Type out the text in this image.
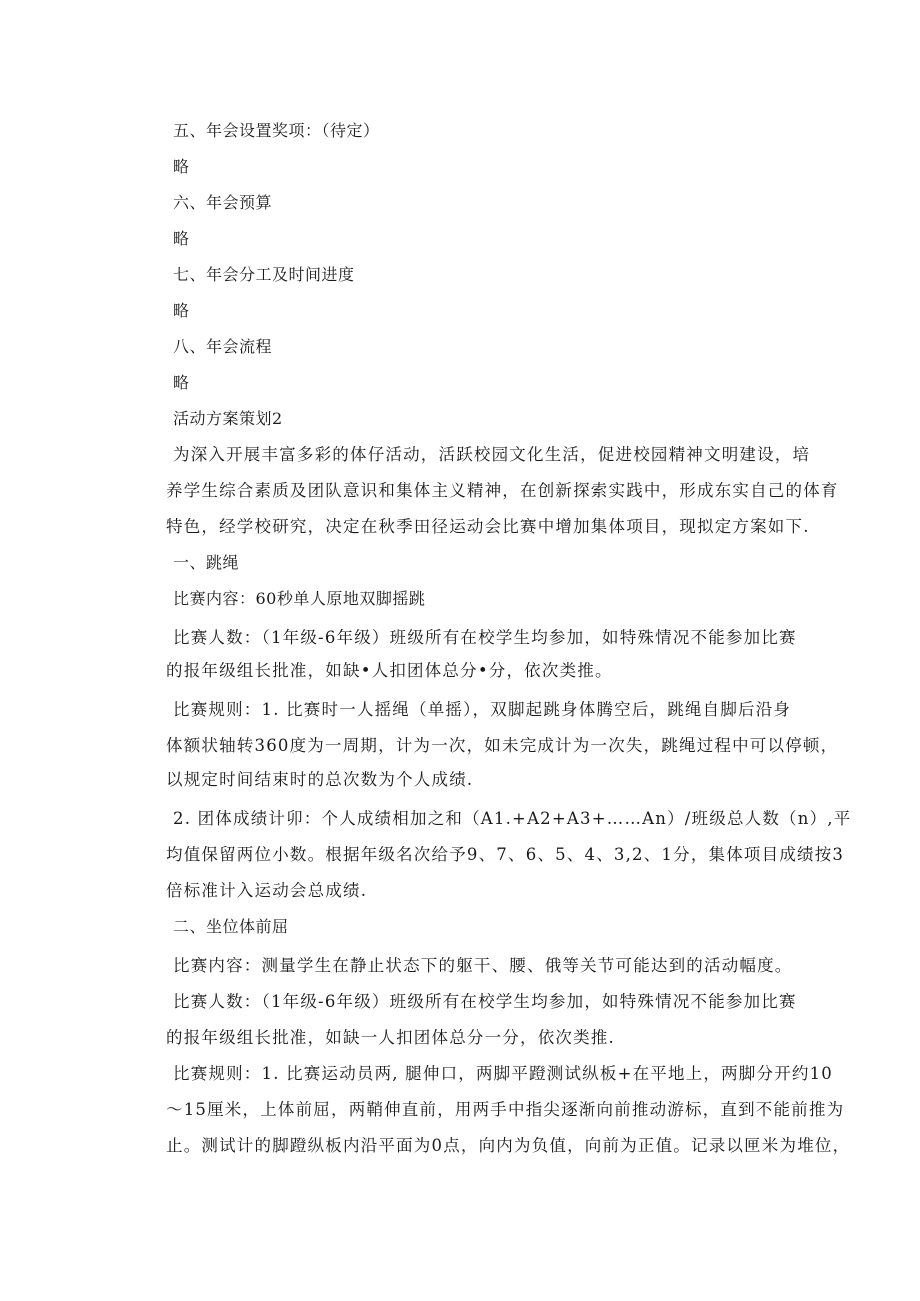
五、年会设置奖项：（待定）
略
六、年会预算
略
七、年会分工及时间进度
略
八、年会流程
略
活动方案策划2
为深入开展丰富多彩的体仔活动，活跃校园文化生活，促进校园精神文明建设，培
养学生综合素质及团队意识和集体主义精神，在创新探索实践中，形成东实自己的体育
特色，经学校研究，决定在秋季田径运动会比赛中增加集体项目，现拟定方案如下.
一、跳绳
比赛内容：60秒单人原地双脚摇跳
比赛人数：（1年级-6年级）班级所有在校学生均参加，如特殊情况不能参加比赛
的报年级组长批准，如缺•人扣团体总分•分，依次类推。
比赛规则：1. 比赛时一人摇绳（单摇），双脚起跳身体腾空后，跳绳自脚后沿身
体额状轴转360度为一周期，计为一次，如未完成计为一次失，跳绳过程中可以停顿，
以规定时间结束时的总次数为个人成绩.
2. 团体成绩计卯：个人成绩相加之和（A1.+A2+A3+……An）/班级总人数（n）,平
均值保留两位小数。根据年级名次给予9、7、6、5、4、3,2、1分，集体项目成绩按3
倍标准计入运动会总成绩.
二、坐位体前屈
比赛内容：测量学生在静止状态下的躯干、腰、俄等关节可能达到的活动幅度。
比赛人数：（1年级-6年级）班级所有在校学生均参加，如特殊情况不能参加比赛
的报年级组长批准，如缺一人扣团体总分一分，依次类推.
比赛规则：1. 比赛运动员两, 腿伸口，两脚平蹬测试纵板+在平地上，两脚分开约10
～15厘米，上体前屈，两鞘伸直前，用两手中指尖逐渐向前推动游标，直到不能前推为
止。测试计的脚蹬纵板内沿平面为0点，向内为负值，向前为正值。记录以匣米为堆位，
